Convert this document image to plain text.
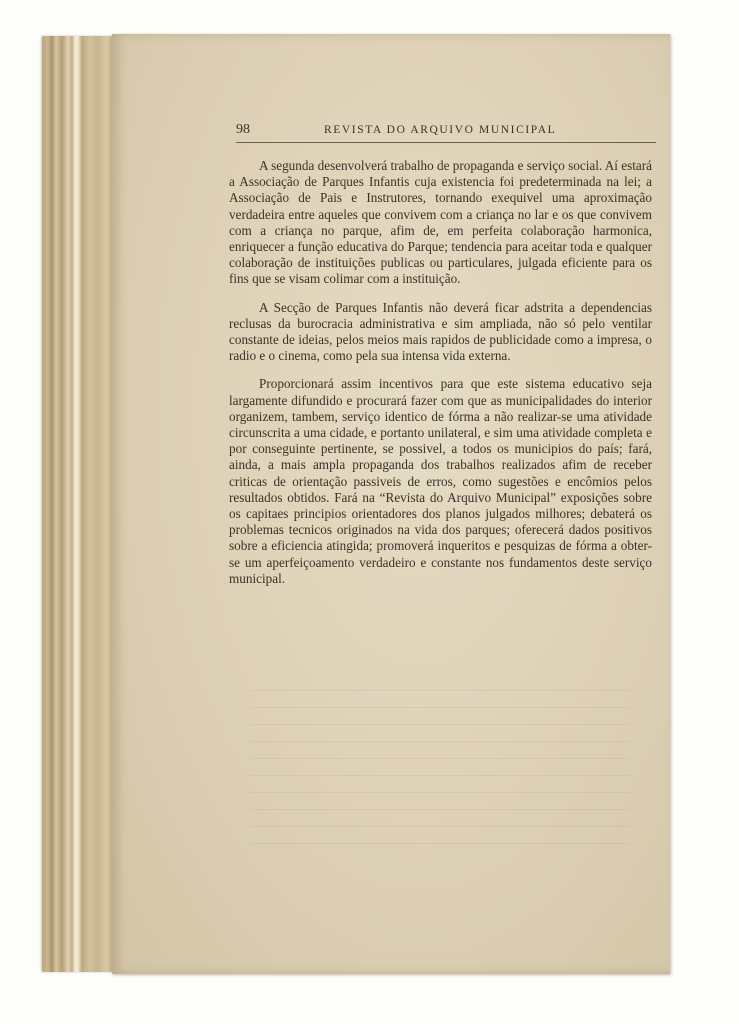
98	REVISTA DO ARQUIVO MUNICIPAL

A segunda desenvolverá trabalho de propaganda e serviço social. Aí estará a Associação de Parques Infantis cuja existencia foi predeterminada na lei; a Associação de Pais e Instrutores, tornando exequivel uma aproximação verdadeira entre aqueles que convivem com a criança no lar e os que convivem com a criança no parque, afim de, em perfeita colaboração harmonica, enriquecer a função educativa do Parque; tendencia para aceitar toda e qualquer colaboração de instituições publicas ou particulares, julgada eficiente para os fins que se visam colimar com a instituição.

A Secção de Parques Infantis não deverá ficar adstrita a dependencias reclusas da burocracia administrativa e sim ampliada, não só pelo ventilar constante de ideias, pelos meios mais rapidos de publicidade como a impresa, o radio e o cinema, como pela sua intensa vida externa.

Proporcionará assim incentivos para que este sistema educativo seja largamente difundido e procurará fazer com que as municipalidades do interior organizem, tambem, serviço identico de fórma a não realizar-se uma atividade circunscrita a uma cidade, e portanto unilateral, e sim uma atividade completa e por conseguinte pertinente, se possivel, a todos os municipios do país; fará, ainda, a mais ampla propaganda dos trabalhos realizados afim de receber criticas de orientação passiveis de erros, como sugestões e encômios pelos resultados obtidos. Fará na “Revista do Arquivo Municipal” exposições sobre os capitaes principios orientadores dos planos julgados milhores; debaterá os problemas tecnicos originados na vida dos parques; oferecerá dados positivos sobre a eficiencia atingida; promoverá inqueritos e pesquizas de fórma a obter-se um aperfeiçoamento verdadeiro e constante nos fundamentos deste serviço municipal.
